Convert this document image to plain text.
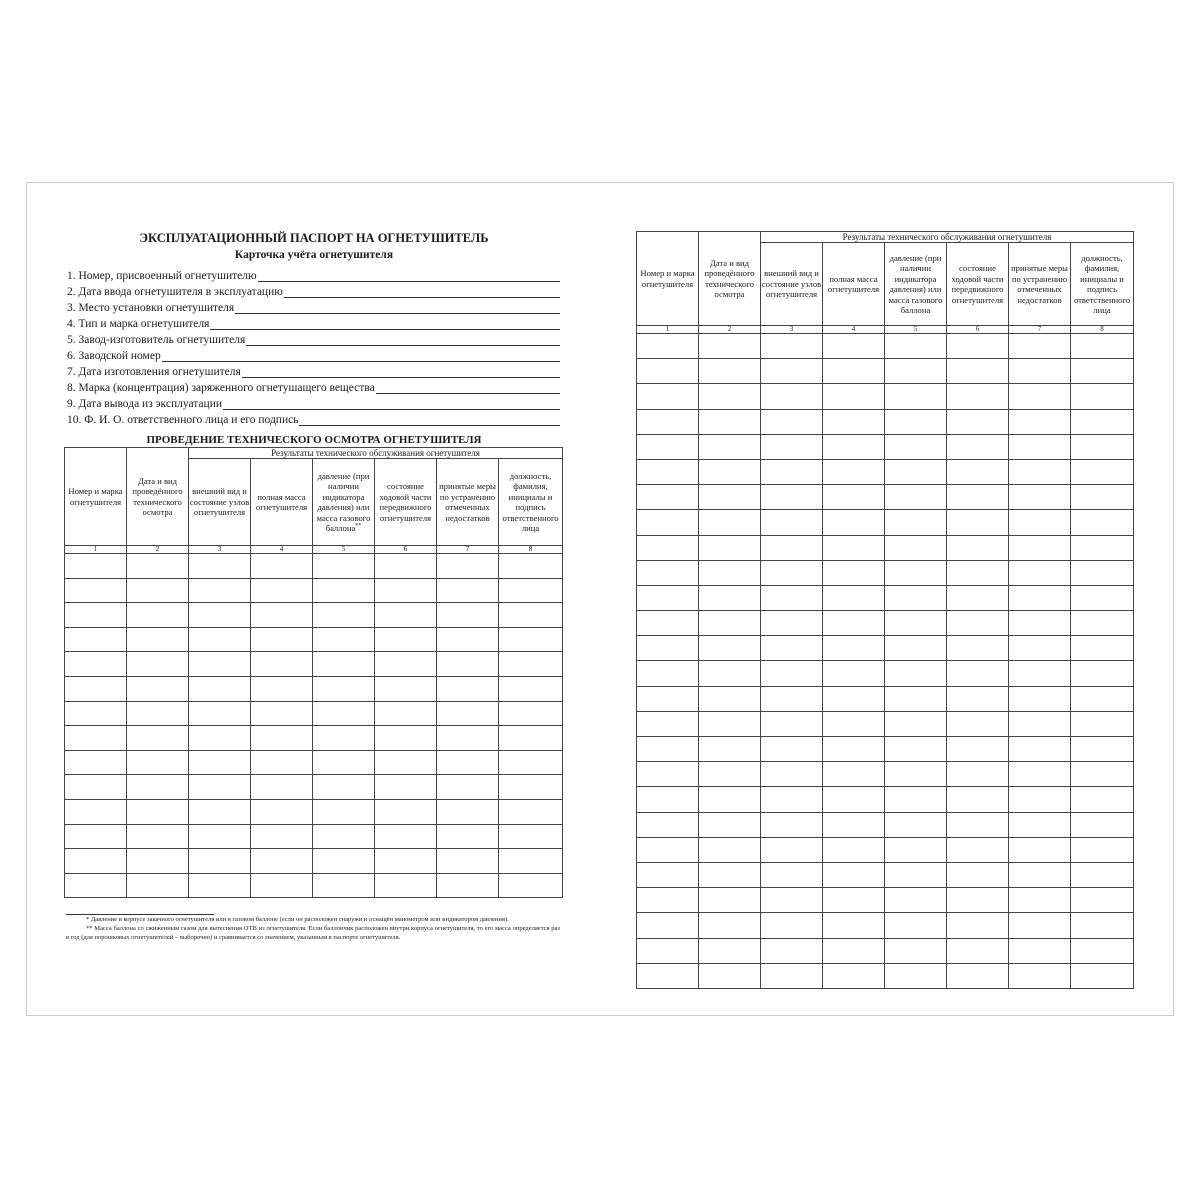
ЭКСПЛУАТАЦИОННЫЙ ПАСПОРТ НА ОГНЕТУШИТЕЛЬ
Карточка учёта огнетушителя
1. Номер, присвоенный огнетушителю
2. Дата ввода огнетушителя в эксплуатацию
3. Место установки огнетушителя
4. Тип и марка огнетушителя
5. Завод-изготовитель огнетушителя
6. Заводской номер
7. Дата изготовления огнетушителя
8. Марка (концентрация) заряженного огнетушащего вещества
9. Дата вывода из эксплуатации
10. Ф. И. О. ответственного лица и его подпись
ПРОВЕДЕНИЕ ТЕХНИЧЕСКОГО ОСМОТРА ОГНЕТУШИТЕЛЯ
Номер и марка огнетушителя	Дата и вид проведённого технического осмотра	Результаты технического обслуживания огнетушителя					
		внешний вид и состояние узлов огнетушителя	полная масса огнетушителя	давление (при наличии индикатора давления) или масса газового баллона**	состояние ходовой части передвижного огнетушителя	принятые меры по устранению отмеченных недостатков	должность, фамилия, инициалы и подпись ответственного лица
1	2	3	4	5	6	7	8

* Давление в корпусе закачного огнетушителя или в газовом баллоне (если он расположен снаружи и оснащён манометром или индикатором давления).

** Масса баллона со сжиженным газом для вытеснения ОТВ из огнетушителя. Если баллончик расположен внутри корпуса огнетушителя, то его масса определяется раз в год (для порошковых огнетушителей – выборочно) и сравнивается со значением, указанным в паспорте огнетушителя.

Номер и марка огнетушителя	Дата и вид проведённого технического осмотра	Результаты технического обслуживания огнетушителя					
		внешний вид и состояние узлов огнетушителя	полная масса огнетушителя	давление (при наличии индикатора давления) или масса газового баллона	состояние ходовой части передвижного огнетушителя	принятые меры по устранению отмеченных недостатков	должность, фамилия, инициалы и подпись ответственного лица
1	2	3	4	5	6	7	8
